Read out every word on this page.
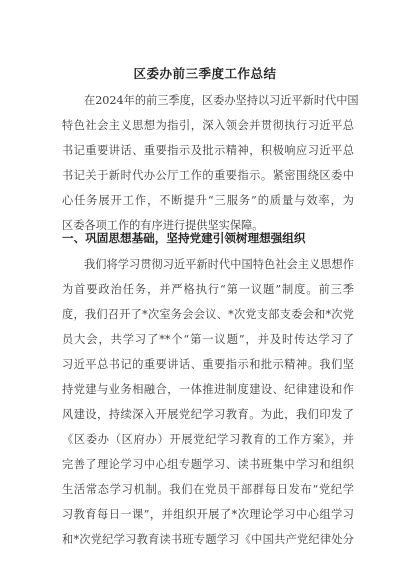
区委办前三季度工作总结
在2024年的前三季度，区委办坚持以习近平新时代中国
特色社会主义思想为指引，深入领会并贯彻执行习近平总
书记重要讲话、重要指示及批示精神，积极响应习近平总
书记关于新时代办公厅工作的重要指示。紧密围绕区委中
心任务展开工作，不断提升“三服务”的质量与效率，为
区委各项工作的有序进行提供坚实保障。
一、巩固思想基础，坚持党建引领树理想强组织
我们将学习贯彻习近平新时代中国特色社会主义思想作
为首要政治任务，并严格执行“第一议题”制度。前三季
度，我们召开了*次室务会会议、*次党支部支委会和*次党
员大会，共学习了**个“第一议题”，并及时传达学习了
习近平总书记的重要讲话、重要指示和批示精神。我们坚
持党建与业务相融合，一体推进制度建设、纪律建设和作
风建设，持续深入开展党纪学习教育。为此，我们印发了
《区委办（区府办）开展党纪学习教育的工作方案》，并
完善了理论学习中心组专题学习、读书班集中学习和组织
生活常态学习机制。我们在党员干部群每日发布“党纪学
习教育每日一课”，并组织开展了*次理论学习中心组学习
和*次党纪学习教育读书班专题学习《中国共产党纪律处分
